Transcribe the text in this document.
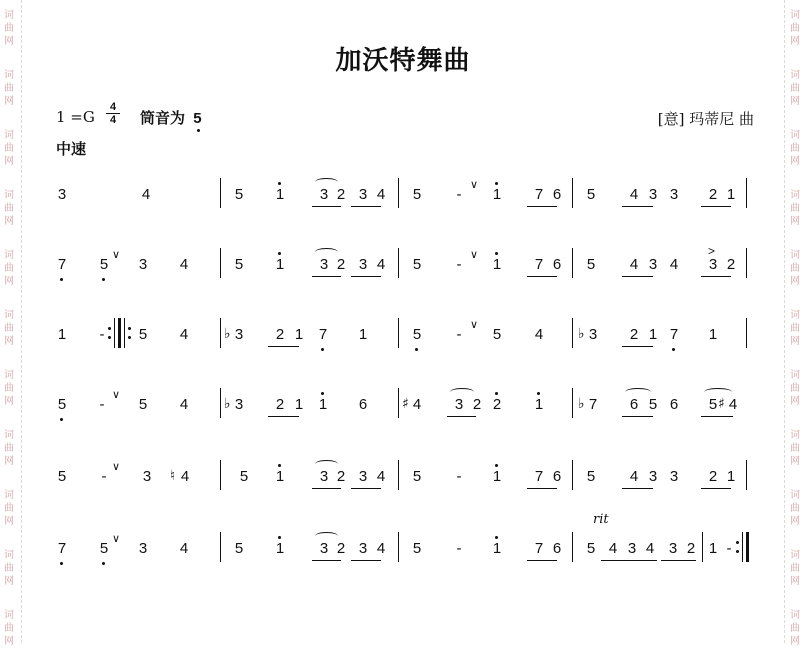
词
曲
网
词
曲
网
词
曲
网
词
曲
网
词
曲
网
词
曲
网
词
曲
网
词
曲
网
词
曲
网
词
曲
网
词
曲
网
词
曲
网
词
曲
网
词
曲
网
词
曲
网
词
曲
网
词
曲
网
词
曲
网
词
曲
网
词
曲
网
词
曲
网
词
曲
网
加沃特舞曲
1 =G
4
4 筒音为 5	[意] 玛蒂尼 曲
中速
3	4	5 1 3 2 3 4 5	-
∨
1 7 6 5 4 3 3 2 1
7 5
∨
3 4	5 1 3 2 3 4 5	-
∨
1 7 6 5 4 3 4 3 2
>
1	-	5 4	3
♭	2 1 7 1	5	-
∨
5 4	3
♭	2 1 7 1
5	-
∨
5 4	3
♭	2 1 1 6	4
♯	3 2 2 1	7
♭	6 5 6 5 4
♯
5	-
∨
3 4
♮	5 1 3 2 3 4 5	-	1 7 6 5 4 3 3 2 1
7 5
∨
3 4	5 1 3 2 3 4 5	-	1 7 6 5 4 3 4 3 2 1 -
rit
